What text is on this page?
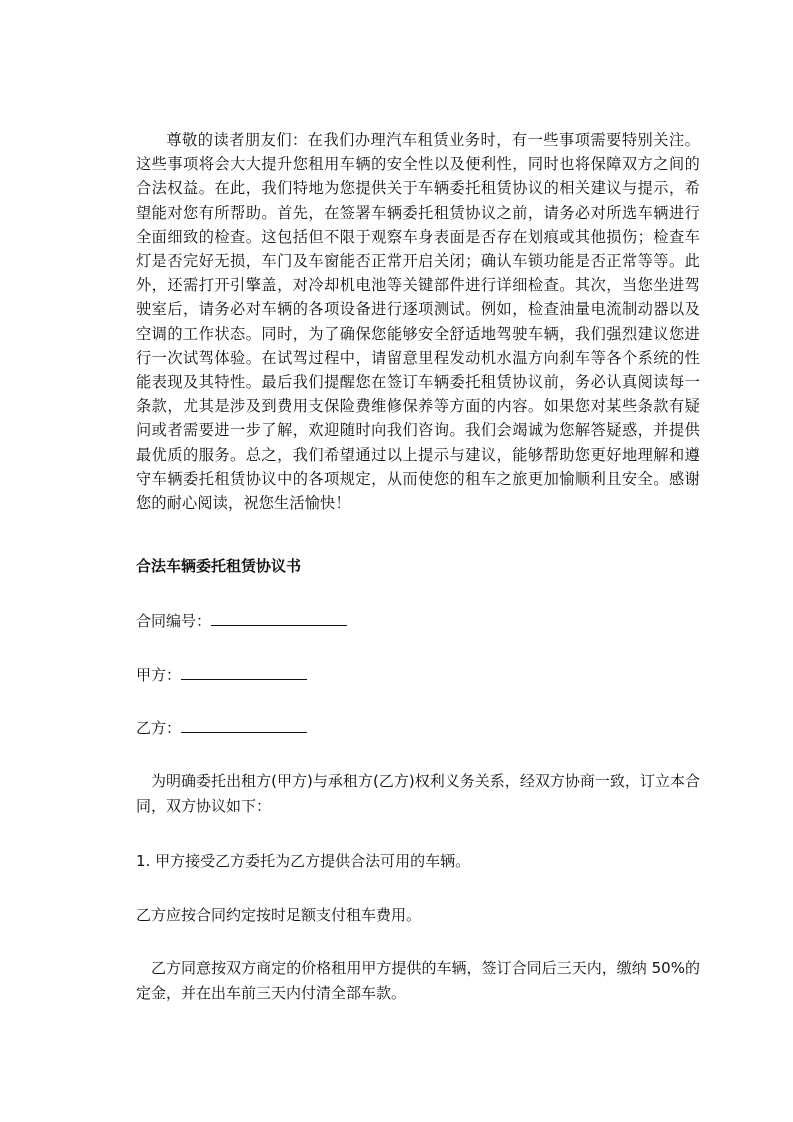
尊敬的读者朋友们：在我们办理汽车租赁业务时，有一些事项需要特别关注。这些事项将会大大提升您租用车辆的安全性以及便利性，同时也将保障双方之间的合法权益。在此，我们特地为您提供关于车辆委托租赁协议的相关建议与提示，希望能对您有所帮助。首先，在签署车辆委托租赁协议之前，请务必对所选车辆进行全面细致的检查。这包括但不限于观察车身表面是否存在划痕或其他损伤；检查车灯是否完好无损，车门及车窗能否正常开启关闭；确认车锁功能是否正常等等。此外，还需打开引擎盖，对冷却机电池等关键部件进行详细检查。其次，当您坐进驾驶室后，请务必对车辆的各项设备进行逐项测试。例如，检查油量电流制动器以及空调的工作状态。同时，为了确保您能够安全舒适地驾驶车辆，我们强烈建议您进行一次试驾体验。在试驾过程中，请留意里程发动机水温方向刹车等各个系统的性能表现及其特性。最后我们提醒您在签订车辆委托租赁协议前，务必认真阅读每一条款，尤其是涉及到费用支保险费维修保养等方面的内容。如果您对某些条款有疑问或者需要进一步了解，欢迎随时向我们咨询。我们会竭诚为您解答疑惑，并提供最优质的服务。总之，我们希望通过以上提示与建议，能够帮助您更好地理解和遵守车辆委托租赁协议中的各项规定，从而使您的租车之旅更加愉顺利且安全。感谢您的耐心阅读，祝您生活愉快！

合法车辆委托租赁协议书

合同编号：

甲方：

乙方：

为明确委托出租方(甲方)与承租方(乙方)权利义务关系，经双方协商一致，订立本合同，双方协议如下：

1. 甲方接受乙方委托为乙方提供合法可用的车辆。

乙方应按合同约定按时足额支付租车费用。

乙方同意按双方商定的价格租用甲方提供的车辆，签订合同后三天内，缴纳 50%的定金，并在出车前三天内付清全部车款。
